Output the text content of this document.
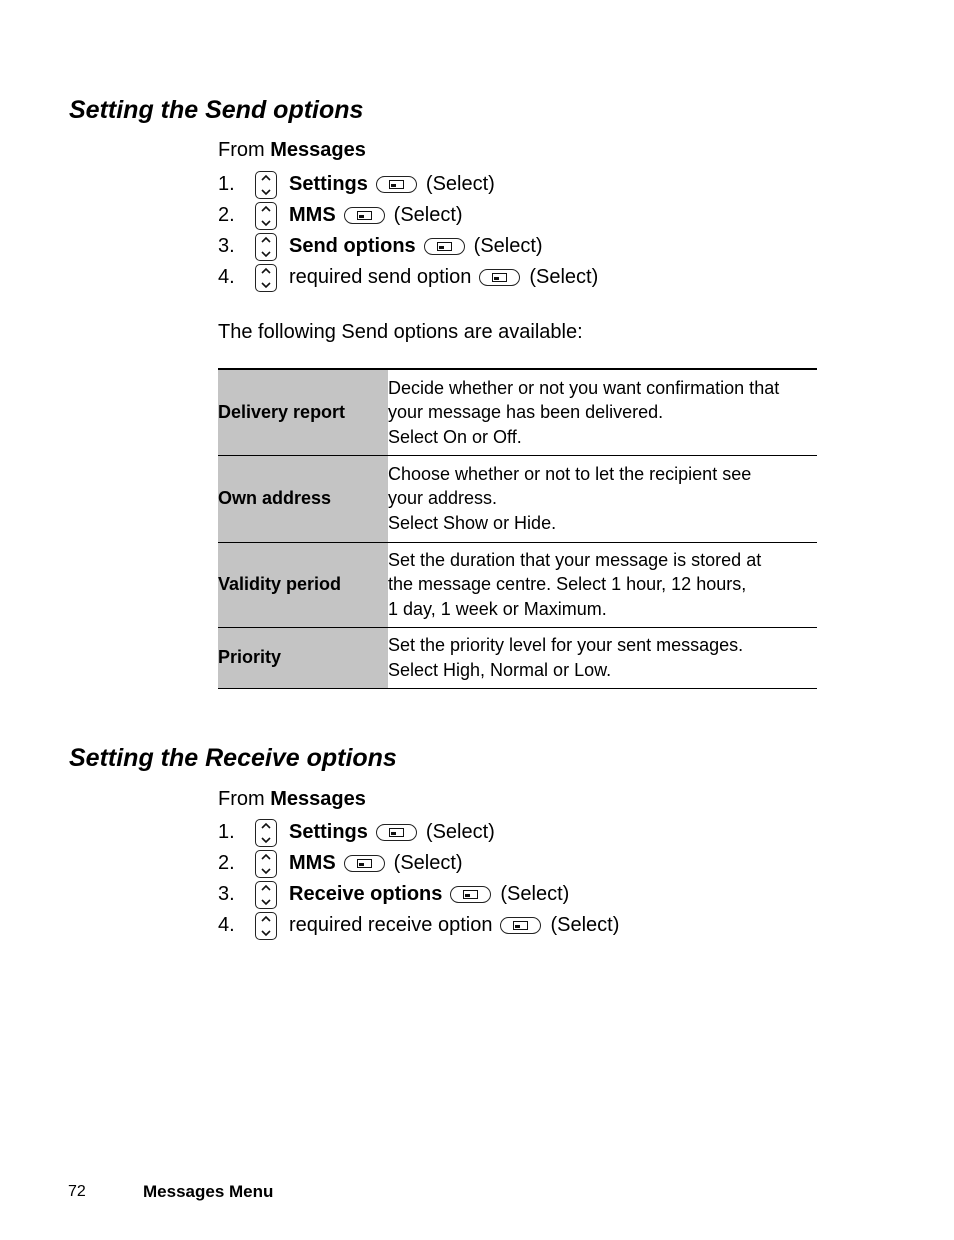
Setting the Send options
From Messages
1.	Settings	(Select)
2.	MMS	(Select)
3.	Send options	(Select)
4.	required send option	(Select)
The following Send options are available:
Delivery report	Decide whether or not you want confirmation that
your message has been delivered.
Select On or Off.

Own address	Choose whether or not to let the recipient see
your address.
Select Show or Hide.

Validity period	Set the duration that your message is stored at
the message centre. Select 1 hour, 12 hours,
1 day, 1 week or Maximum.

Priority	Set the priority level for your sent messages.
Select High, Normal or Low.
Setting the Receive options
From Messages
1.	Settings	(Select)
2.	MMS	(Select)
3.	Receive options	(Select)
4.	required receive option	(Select)
72	Messages Menu
